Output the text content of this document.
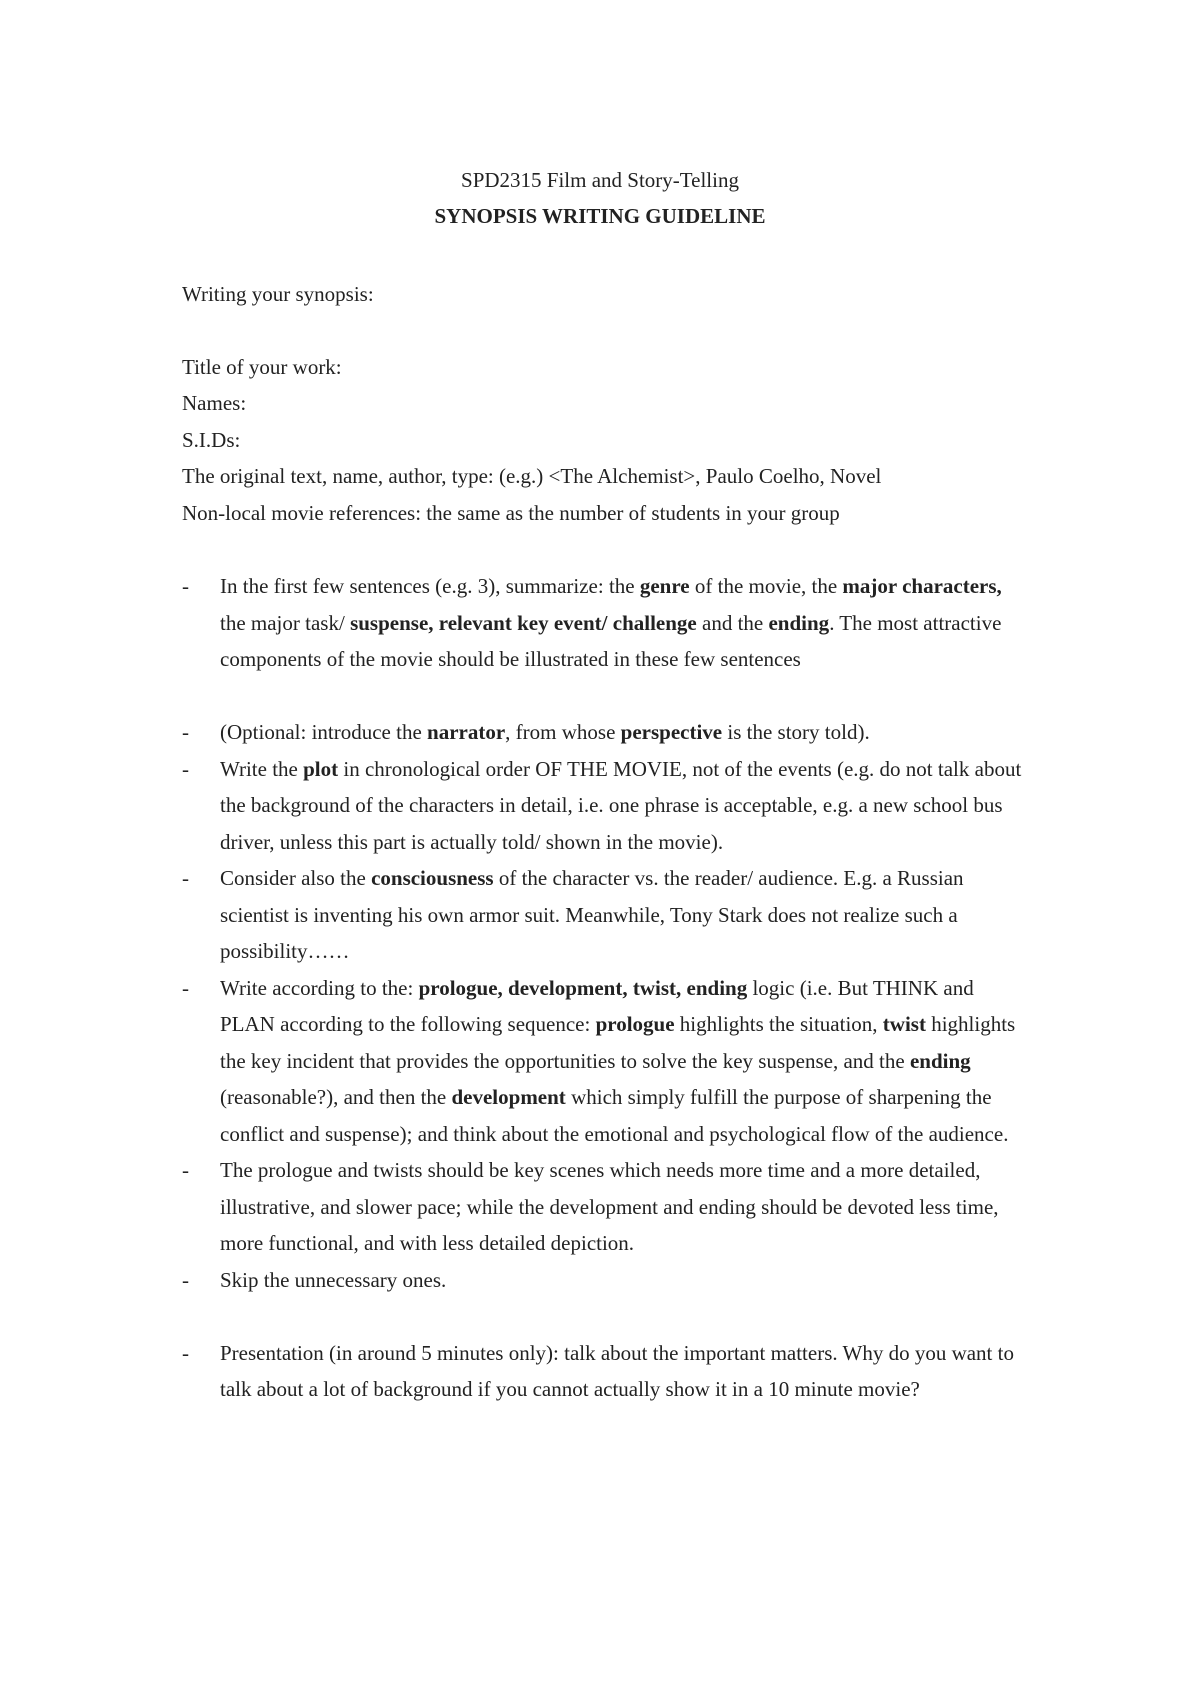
SPD2315 Film and Story-Telling
SYNOPSIS WRITING GUIDELINE
Writing your synopsis:
Title of your work:
Names:
S.I.Ds:
The original text, name, author, type: (e.g.) <The Alchemist>, Paulo Coelho, Novel
Non-local movie references: the same as the number of students in your group
- In the first few sentences (e.g. 3), summarize: the genre of the movie, the major characters, the major task/ suspense, relevant key event/ challenge and the ending. The most attractive components of the movie should be illustrated in these few sentences
- (Optional: introduce the narrator, from whose perspective is the story told).
- Write the plot in chronological order OF THE MOVIE, not of the events (e.g. do not talk about the background of the characters in detail, i.e. one phrase is acceptable, e.g. a new school bus driver, unless this part is actually told/ shown in the movie).
- Consider also the consciousness of the character vs. the reader/ audience. E.g. a Russian scientist is inventing his own armor suit. Meanwhile, Tony Stark does not realize such a possibility……
- Write according to the: prologue, development, twist, ending logic (i.e. But THINK and PLAN according to the following sequence: prologue highlights the situation, twist highlights the key incident that provides the opportunities to solve the key suspense, and the ending (reasonable?), and then the development which simply fulfill the purpose of sharpening the conflict and suspense); and think about the emotional and psychological flow of the audience.
- The prologue and twists should be key scenes which needs more time and a more detailed, illustrative, and slower pace; while the development and ending should be devoted less time, more functional, and with less detailed depiction.
- Skip the unnecessary ones.
- Presentation (in around 5 minutes only): talk about the important matters. Why do you want to talk about a lot of background if you cannot actually show it in a 10 minute movie?
